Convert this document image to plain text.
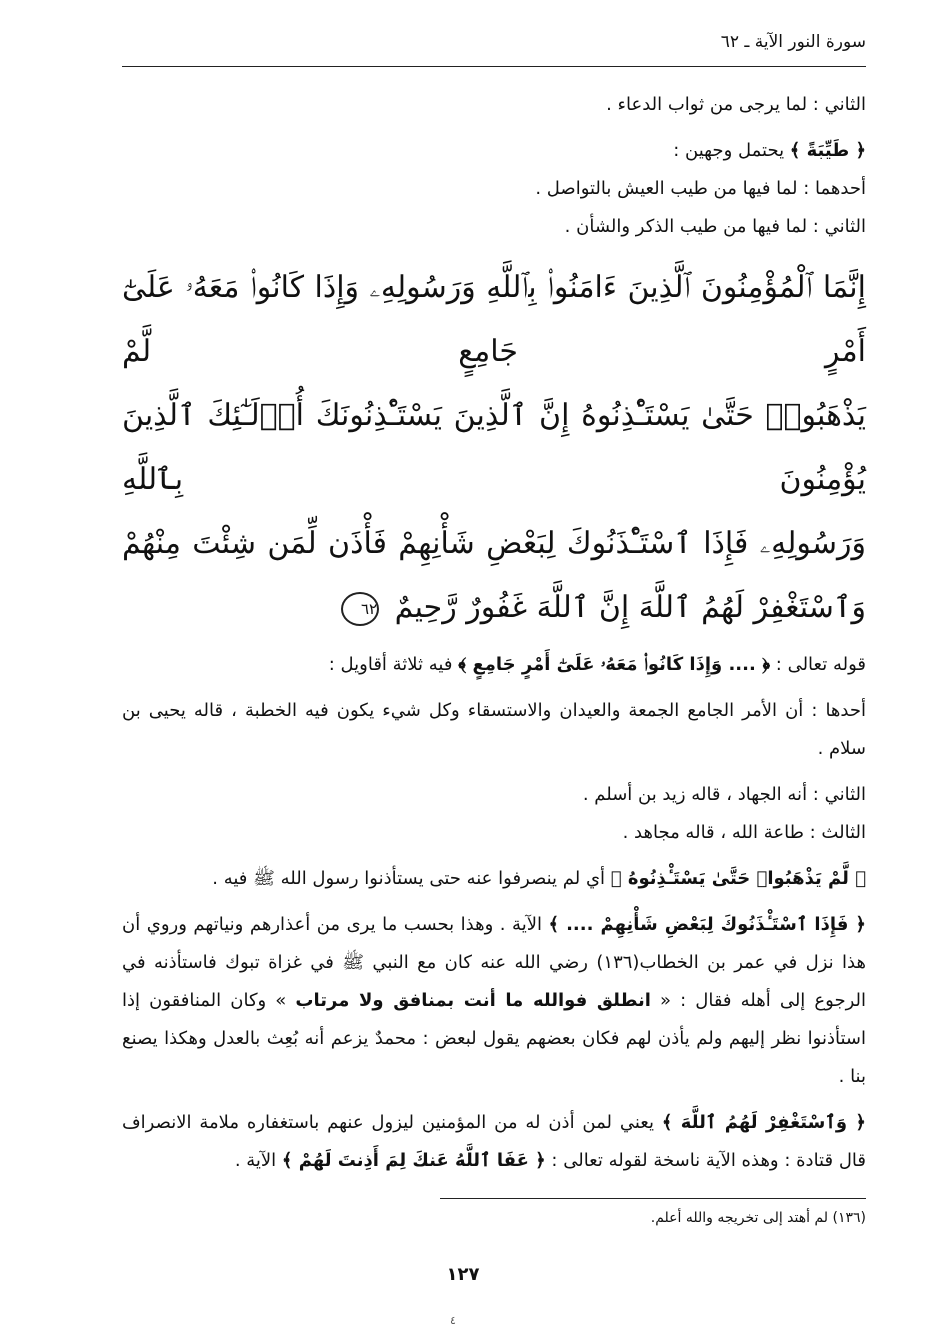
سورة النور الآية ـ ٦٢

الثاني : لما يرجى من ثواب الدعاء .

﴿ طَيِّبَةً ﴾ يحتمل وجهين :

أحدهما : لما فيها من طيب العيش بالتواصل .

الثاني : لما فيها من طيب الذكر والشأن .

إِنَّمَا ٱلْمُؤْمِنُونَ ٱلَّذِينَ ءَامَنُوا۟ بِٱللَّهِ وَرَسُولِهِۦ وَإِذَا كَانُوا۟ مَعَهُۥ عَلَىٰٓ أَمْرٍ جَامِعٍ لَّمْ
يَذْهَبُوا۟ حَتَّىٰ يَسْتَـْٔذِنُوهُ إِنَّ ٱلَّذِينَ يَسْتَـْٔذِنُونَكَ أُو۟لَـٰٓئِكَ ٱلَّذِينَ يُؤْمِنُونَ بِٱللَّهِ
وَرَسُولِهِۦ فَإِذَا ٱسْتَـْٔذَنُوكَ لِبَعْضِ شَأْنِهِمْ فَأْذَن لِّمَن شِئْتَ مِنْهُمْ
وَٱسْتَغْفِرْ لَهُمُ ٱللَّهَ إِنَّ ٱللَّهَ غَفُورٌ رَّحِيمٌ ٦٢

قوله تعالى : ﴿ .... وَإِذَا كَانُوا۟ مَعَهُۥ عَلَىٰٓ أَمْرٍ جَامِعٍ ﴾ فيه ثلاثة أقاويل :

أحدها : أن الأمر الجامع الجمعة والعيدان والاستسقاء وكل شيء يكون فيه الخطبة ، قاله يحيى بن سلام .

الثاني : أنه الجهاد ، قاله زيد بن أسلم .

الثالث : طاعة الله ، قاله مجاهد .

﴿ لَّمْ يَذْهَبُوا۟ حَتَّىٰ يَسْتَـْٔذِنُوهُ ﴾ أي لم ينصرفوا عنه حتى يستأذنوا رسول الله ﷺ فيه .

﴿ فَإِذَا ٱسْتَـْٔذَنُوكَ لِبَعْضِ شَأْنِهِمْ .... ﴾ الآية . وهذا بحسب ما يرى من أعذارهم ونياتهم وروي أن هذا نزل في عمر بن الخطاب(١٣٦) رضي الله عنه كان مع النبي ﷺ في غزاة تبوك فاستأذنه في الرجوع إلى أهله فقال : « انطلق فوالله ما أنت بمنافق ولا مرتاب » وكان المنافقون إذا استأذنوا نظر إليهم ولم يأذن لهم فكان بعضهم يقول لبعض : محمدٌ يزعم أنه بُعِث بالعدل وهكذا يصنع بنا .

﴿ وَٱسْتَغْفِرْ لَهُمُ ٱللَّهَ ﴾ يعني لمن أذن له من المؤمنين ليزول عنهم باستغفاره ملامة الانصراف قال قتادة : وهذه الآية ناسخة لقوله تعالى : ﴿ عَفَا ٱللَّهُ عَنكَ لِمَ أَذِنتَ لَهُمْ ﴾ الآية .

(١٣٦) لم أهتد إلى تخريجه والله أعلم.
١٢٧
٤
